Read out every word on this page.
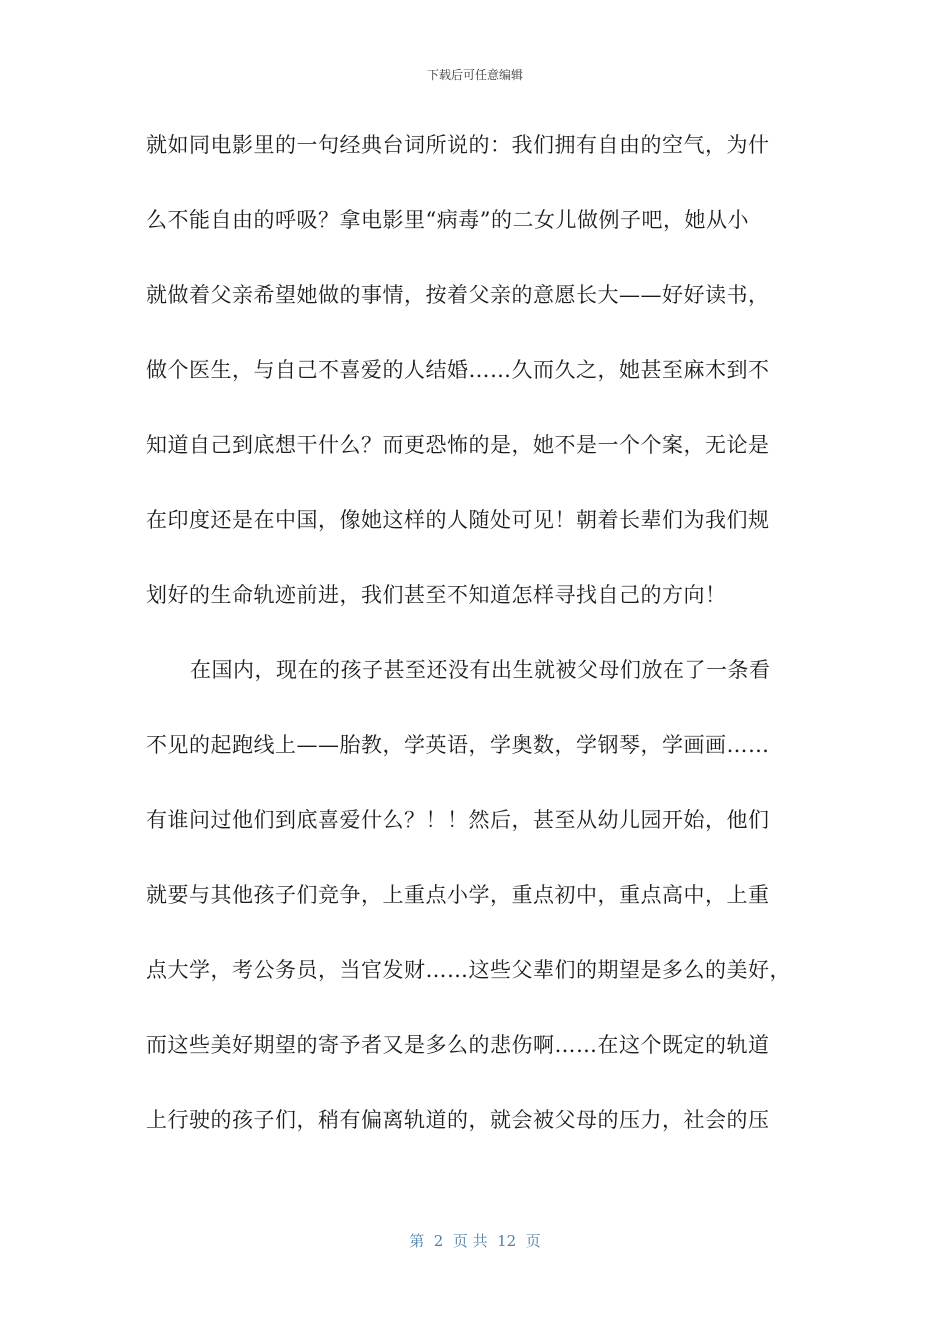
下载后可任意编辑
就如同电影里的一句经典台词所说的：我们拥有自由的空气，为什
么不能自由的呼吸？拿电影里“病毒”的二女儿做例子吧，她从小
就做着父亲希望她做的事情，按着父亲的意愿长大——好好读书，
做个医生，与自己不喜爱的人结婚……久而久之，她甚至麻木到不
知道自己到底想干什么？而更恐怖的是，她不是一个个案，无论是
在印度还是在中国，像她这样的人随处可见！朝着长辈们为我们规
划好的生命轨迹前进，我们甚至不知道怎样寻找自己的方向！
在国内，现在的孩子甚至还没有出生就被父母们放在了一条看
不见的起跑线上——胎教，学英语，学奥数，学钢琴，学画画……
有谁问过他们到底喜爱什么？！！然后，甚至从幼儿园开始，他们
就要与其他孩子们竞争，上重点小学，重点初中，重点高中，上重
点大学，考公务员，当官发财……这些父辈们的期望是多么的美好，
而这些美好期望的寄予者又是多么的悲伤啊……在这个既定的轨道
上行驶的孩子们，稍有偏离轨道的，就会被父母的压力，社会的压
第  2  页 共  12  页
